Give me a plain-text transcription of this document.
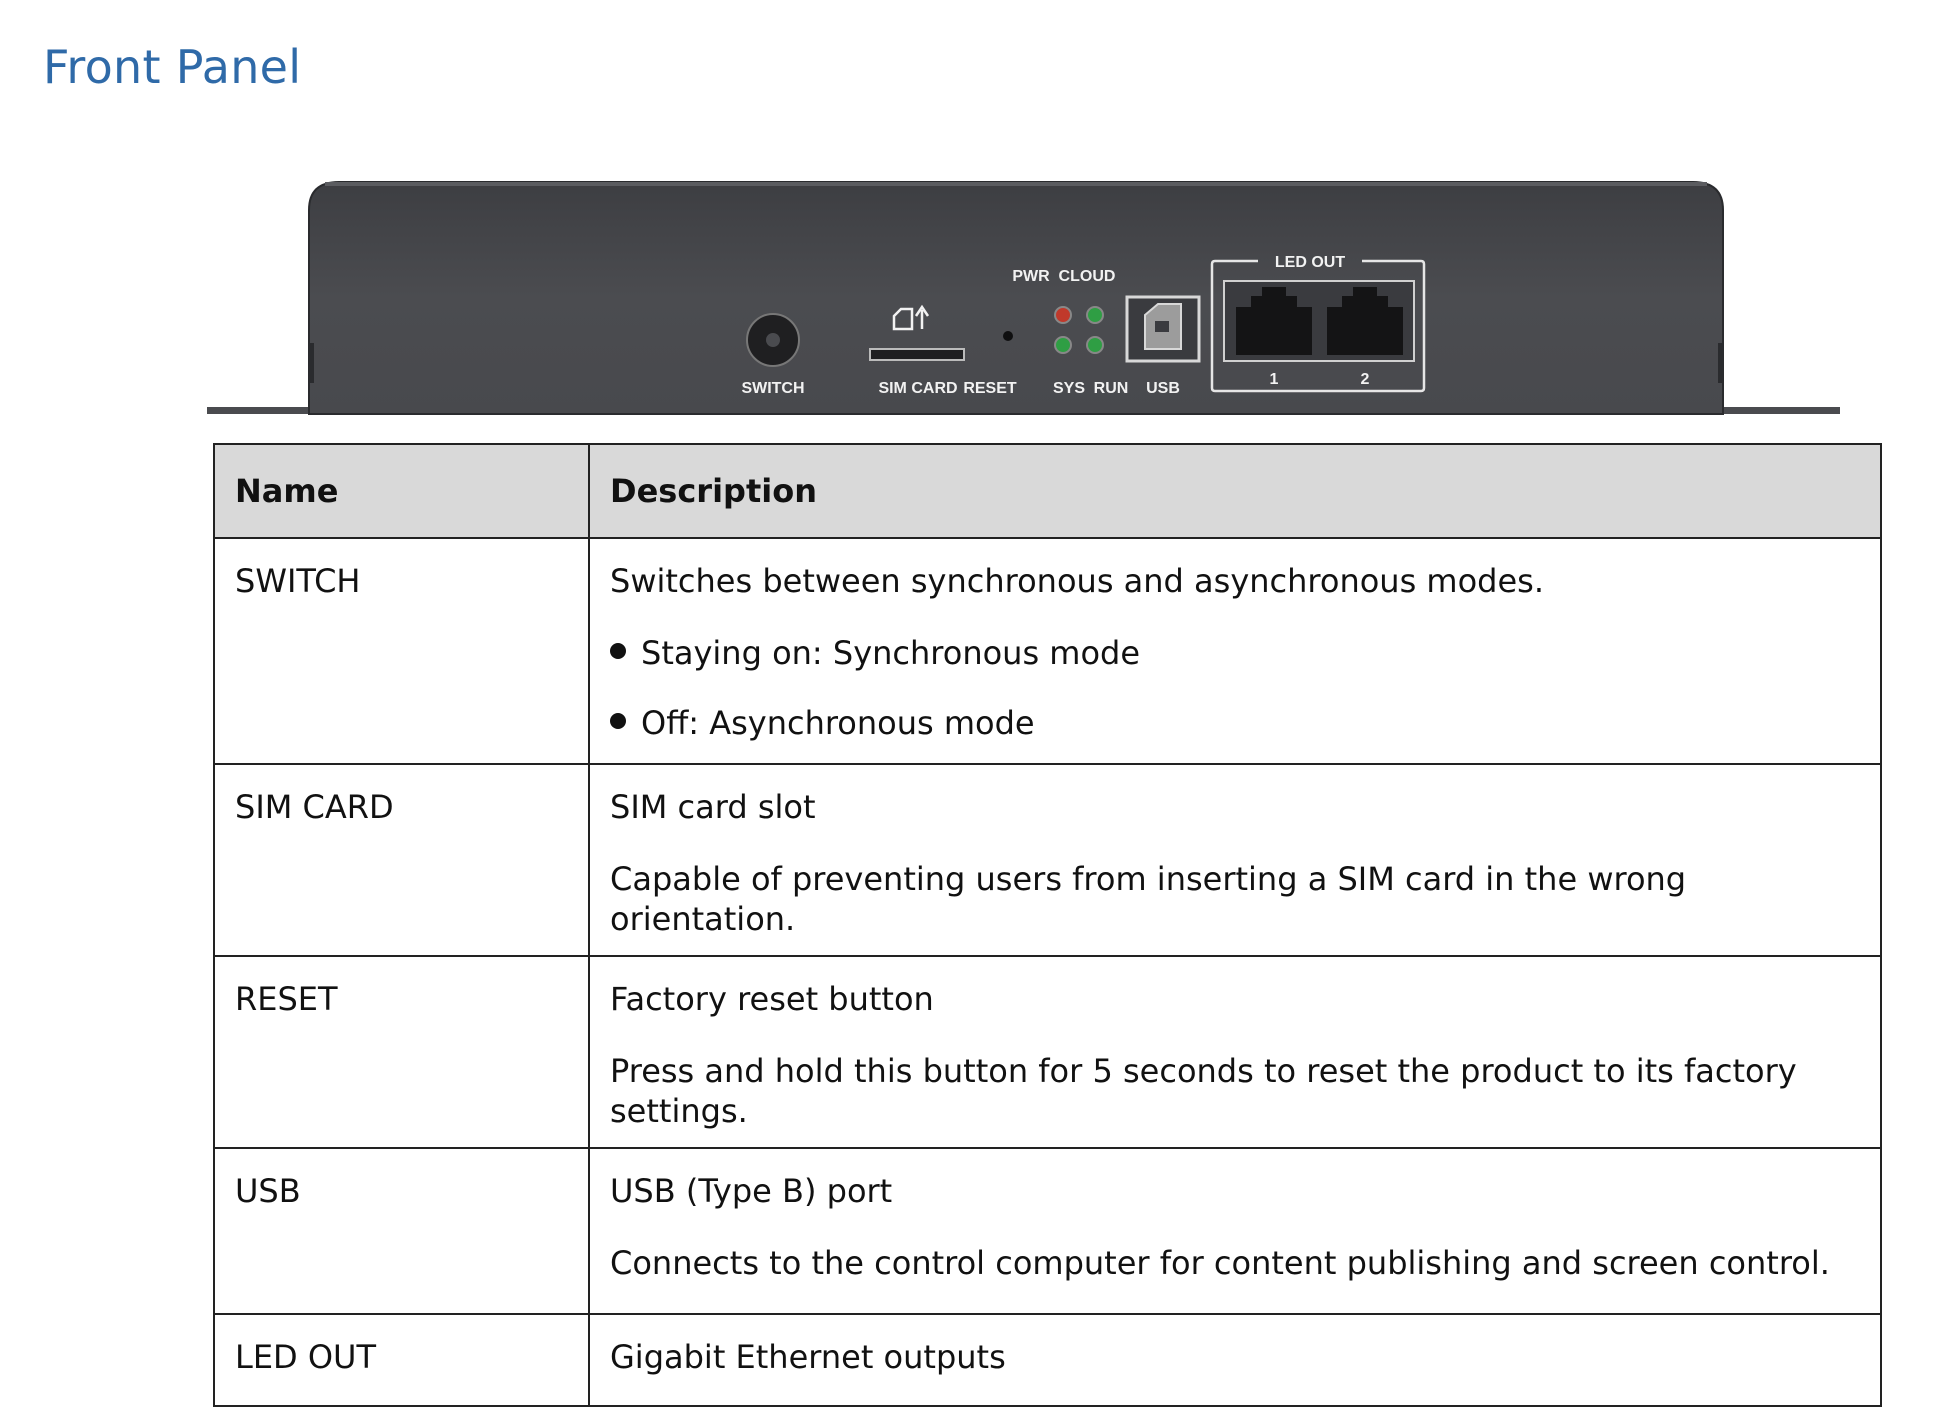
Front Panel
SWITCH	SIM CARD RESET
PWR CLOUD
SYS RUN USB
LED OUT
1	2
Name	Description
SWITCH	Switches between synchronous and asynchronous modes.

Staying on: Synchronous mode

Off: Asynchronous mode

SIM CARD	SIM card slot

Capable of preventing users from inserting a SIM card in the wrong orientation.

RESET	Factory reset button

Press and hold this button for 5 seconds to reset the product to its factory settings.

USB	USB (Type B) port

Connects to the control computer for content publishing and screen control.

LED OUT	Gigabit Ethernet outputs
